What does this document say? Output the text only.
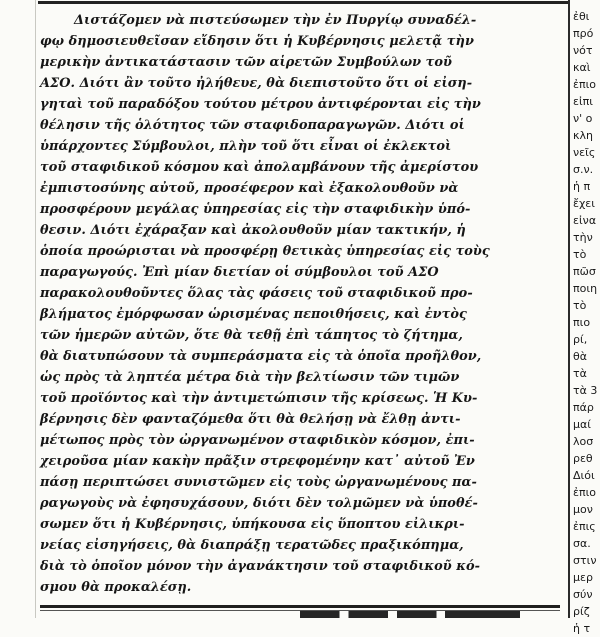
Διστάζομεν νὰ πιστεύσωμεν τὴν ἐν Πυργίῳ συναδέλ-
φῳ δημοσιευθεῖσαν εἴδησιν ὅτι ἡ Κυβέρνησις μελετᾷ τὴν
μερικὴν ἀντικατάστασιν τῶν αἱρετῶν Συμβούλων τοῦ
ΑΣΟ. Διότι ἂν τοῦτο ἠλήθευε, θὰ διεπιστοῦτο ὅτι οἱ εἰση-
γηταὶ τοῦ παραδόξου τούτου μέτρου ἀντιφέρονται εἰς τὴν
θέλησιν τῆς ὁλότητος τῶν σταφιδοπαραγωγῶν. Διότι οἱ
ὑπάρχοντες Σύμβουλοι, πλὴν τοῦ ὅτι εἶναι οἱ ἐκλεκτοὶ
τοῦ σταφιδικοῦ κόσμου καὶ ἀπολαμβάνουν τῆς ἀμερίστου
ἐμπιστοσύνης αὐτοῦ, προσέφερον καὶ ἐξακολουθοῦν νὰ
προσφέρουν μεγάλας ὑπηρεσίας εἰς τὴν σταφιδικὴν ὑπό-
θεσιν. Διότι ἐχάραξαν καὶ ἀκολουθοῦν μίαν τακτικήν, ἡ
ὁποία προώρισται νὰ προσφέρῃ θετικὰς ὑπηρεσίας εἰς τοὺς
παραγωγούς. Ἐπὶ μίαν διετίαν οἱ σύμβουλοι τοῦ ΑΣΟ
παρακολουθοῦντες ὅλας τὰς φάσεις τοῦ σταφιδικοῦ προ-
βλήματος ἐμόρφωσαν ὡρισμένας πεποιθήσεις, καὶ ἐντὸς
τῶν ἡμερῶν αὐτῶν, ὅτε θὰ τεθῇ ἐπὶ τάπητος τὸ ζήτημα,
θὰ διατυπώσουν τὰ συμπεράσματα εἰς τὰ ὁποῖα προῆλθον,
ὡς πρὸς τὰ ληπτέα μέτρα διὰ τὴν βελτίωσιν τῶν τιμῶν
τοῦ προϊόντος καὶ τὴν ἀντιμετώπισιν τῆς κρίσεως. Ἡ Κυ-
βέρνησις δὲν φανταζόμεθα ὅτι θὰ θελήσῃ νὰ ἔλθῃ ἀντι-
μέτωπος πρὸς τὸν ὠργανωμένον σταφιδικὸν κόσμον, ἐπι-
χειροῦσα μίαν κακὴν πρᾶξιν στρεφομένην κατ᾽ αὐτοῦ Ἐν
πάσῃ περιπτώσει συνιστῶμεν εἰς τοὺς ὠργανωμένους πα-
ραγωγοὺς νὰ ἐφησυχάσουν, διότι δὲν τολμῶμεν νὰ ὑποθέ-
σωμεν ὅτι ἡ Κυβέρνησις, ὑπήκουσα εἰς ὕποπτου εἰλικρι-
νείας εἰσηγήσεις, θὰ διαπράξῃ τερατῶδες πραξικόπημα,
διὰ τὸ ὁποῖον μόνον τὴν ἀγανάκτησιν τοῦ σταφιδικοῦ κό-
σμου θὰ προκαλέσῃ.
ἐθι
πρό
νότ
καὶ
ἐπιο
εἰπι
ν' ο
κλη
νεῖς
σ.ν.
ἡ π
ἔχει
εἰνα
τὴν
τὸ
πῶσ
ποιη
τὸ
πιο
ρί,
θὰ
τὰ
τὰ 3
πάρ
μαί
λοσ
ρεθ
Διόι
ἐπιο
μον
ἐπις
σα.
στιν
μερ
σύν
ρίζ
ἡ τ
